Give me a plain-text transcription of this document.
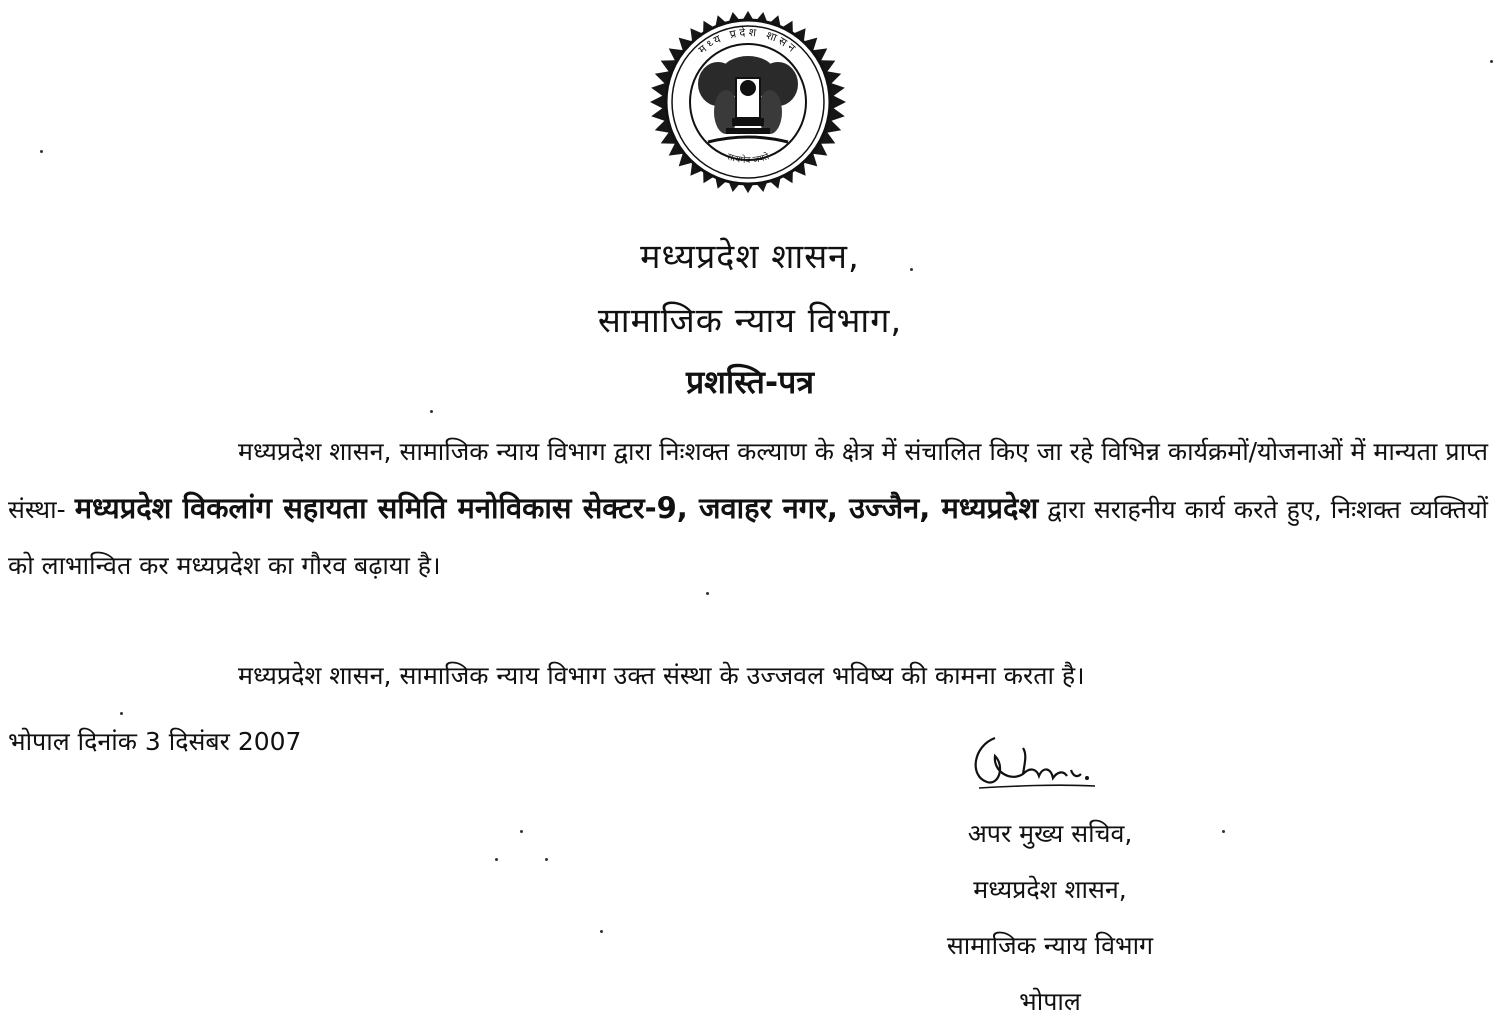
मध्य प्रदेश शासन
सत्यमेव जयते
मध्यप्रदेश शासन,
सामाजिक न्याय विभाग,
प्रशस्ति-पत्र
मध्यप्रदेश शासन, सामाजिक न्याय विभाग द्वारा निःशक्त कल्याण के क्षेत्र में संचालित किए जा रहे विभिन्न कार्यक्रमों/योजनाओं में मान्यता प्राप्त संस्था- मध्यप्रदेश विकलांग सहायता समिति मनोविकास सेक्टर-9, जवाहर नगर, उज्जैन, मध्यप्रदेश द्वारा सराहनीय कार्य करते हुए, निःशक्त व्यक्तियों को लाभान्वित कर मध्यप्रदेश का गौरव बढ़ाया है।
मध्यप्रदेश शासन, सामाजिक न्याय विभाग उक्त संस्था के उज्जवल भविष्य की कामना करता है।
भोपाल दिनांक 3 दिसंबर 2007
अपर मुख्य सचिव,
मध्यप्रदेश शासन,
सामाजिक न्याय विभाग
भोपाल
